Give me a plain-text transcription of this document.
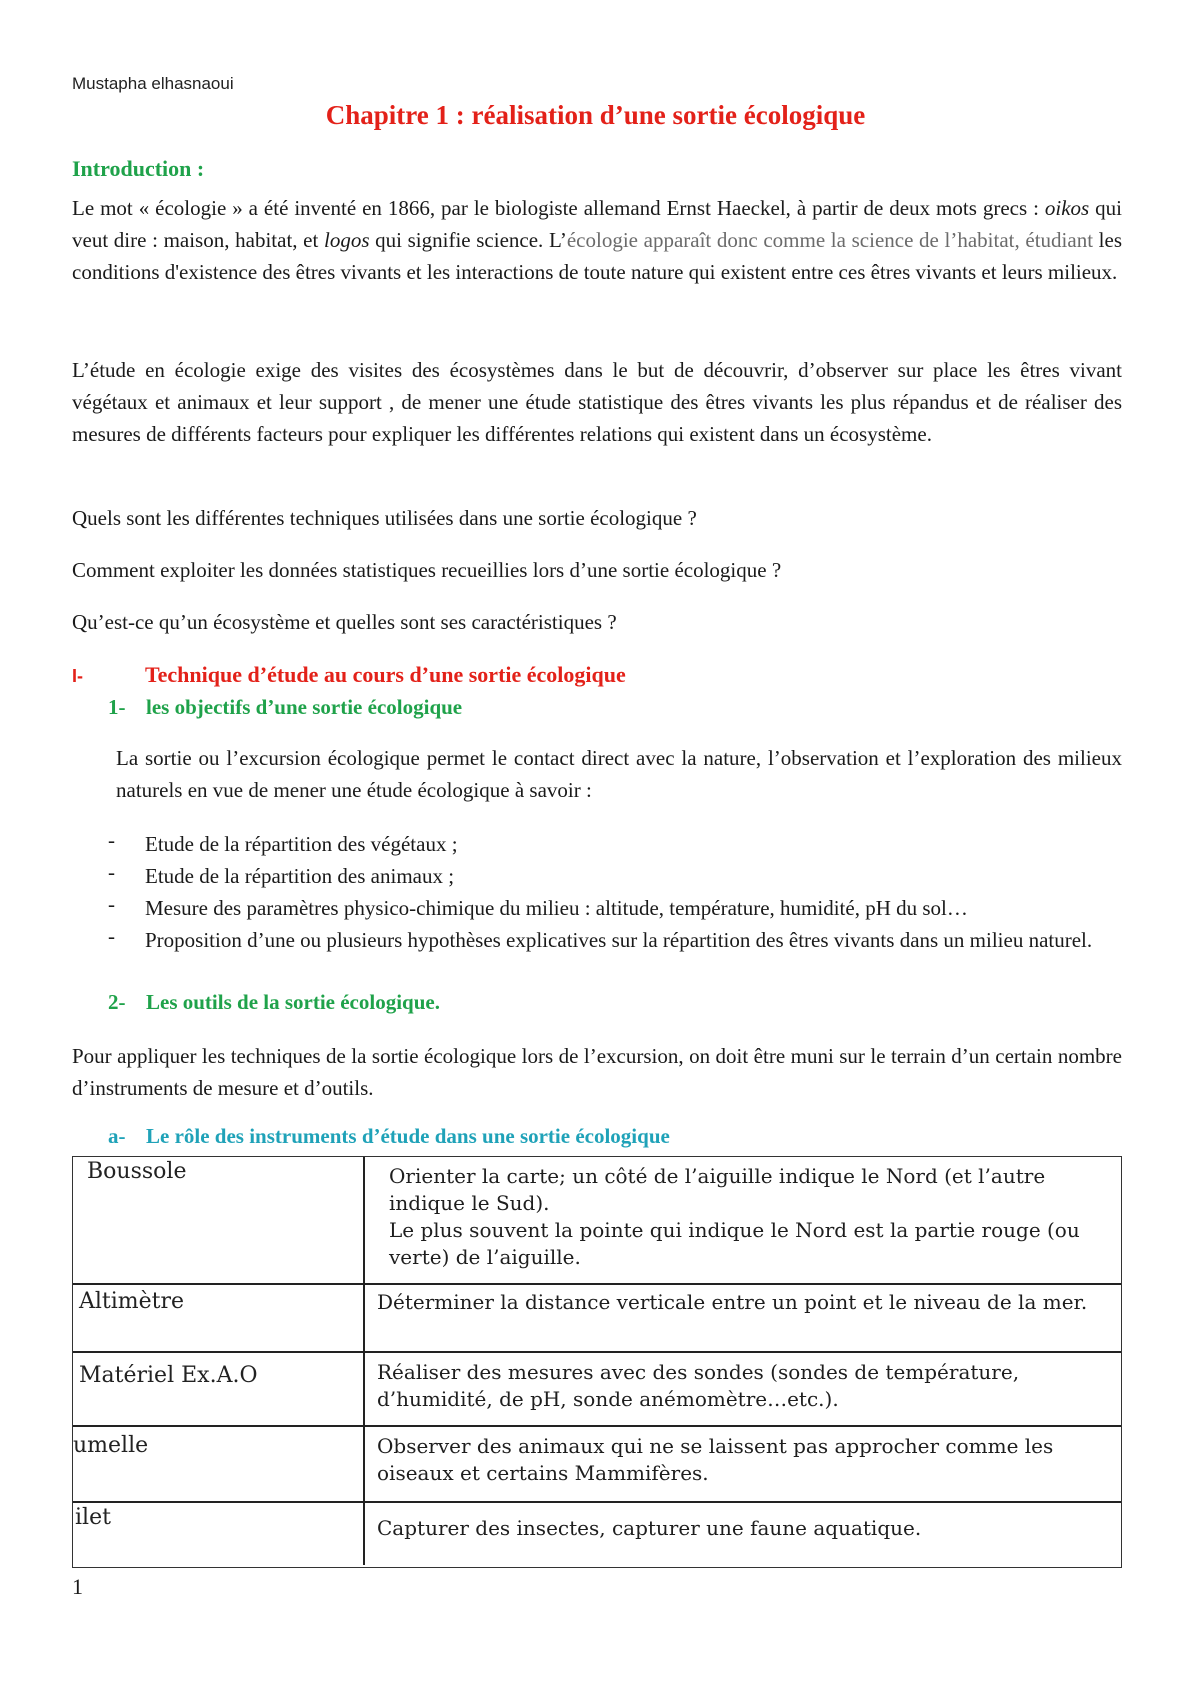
Mustapha elhasnaoui
Chapitre 1 : réalisation d’une sortie écologique
Introduction :
Le mot « écologie » a été inventé en 1866, par le biologiste allemand Ernst Haeckel, à partir de deux mots grecs : oikos qui veut dire : maison, habitat, et logos qui signifie science. L’écologie apparaît donc comme la science de l’habitat, étudiant les conditions d'existence des êtres vivants et les interactions de toute nature qui existent entre ces êtres vivants et leurs milieux.
L’étude en écologie exige des visites des écosystèmes dans le but de découvrir, d’observer sur place les êtres vivant végétaux et animaux et leur support , de mener une étude statistique des êtres vivants les plus répandus et de réaliser des mesures de différents facteurs pour expliquer les différentes relations qui existent dans un écosystème.
Quels sont les différentes techniques utilisées dans une sortie écologique ?
Comment exploiter les données statistiques recueillies lors d’une sortie écologique ?
Qu’est-ce qu’un écosystème et quelles sont ses caractéristiques ?
I-	Technique d’étude au cours d’une sortie écologique
1- les objectifs d’une sortie écologique
La sortie ou l’excursion écologique permet le contact direct avec la nature, l’observation et l’exploration des milieux naturels en vue de mener une étude écologique à savoir :
- Etude de la répartition des végétaux ;
- Etude de la répartition des animaux ;
- Mesure des paramètres physico-chimique du milieu : altitude, température, humidité, pH du sol…
- Proposition d’une ou plusieurs hypothèses explicatives sur la répartition des êtres vivants dans un milieu naturel.
2- Les outils de la sortie écologique.
Pour appliquer les techniques de la sortie écologique lors de l’excursion, on doit être muni sur le terrain d’un certain nombre d’instruments de mesure et d’outils.
a- Le rôle des instruments d’étude dans une sortie écologique
Boussole	Orienter la carte; un côté de l’aiguille indique le Nord (et l’autre indique le Sud).
Le plus souvent la pointe qui indique le Nord est la partie rouge (ou verte) de l’aiguille.
Altimètre	Déterminer la distance verticale entre un point et le niveau de la mer.
Matériel Ex.A.O	Réaliser des mesures avec des sondes (sondes de température, d’humidité, de pH, sonde anémomètre…etc.).
umelle	Observer des animaux qui ne se laissent pas approcher comme les oiseaux et certains Mammifères.
ilet	Capturer des insectes, capturer une faune aquatique.
1
